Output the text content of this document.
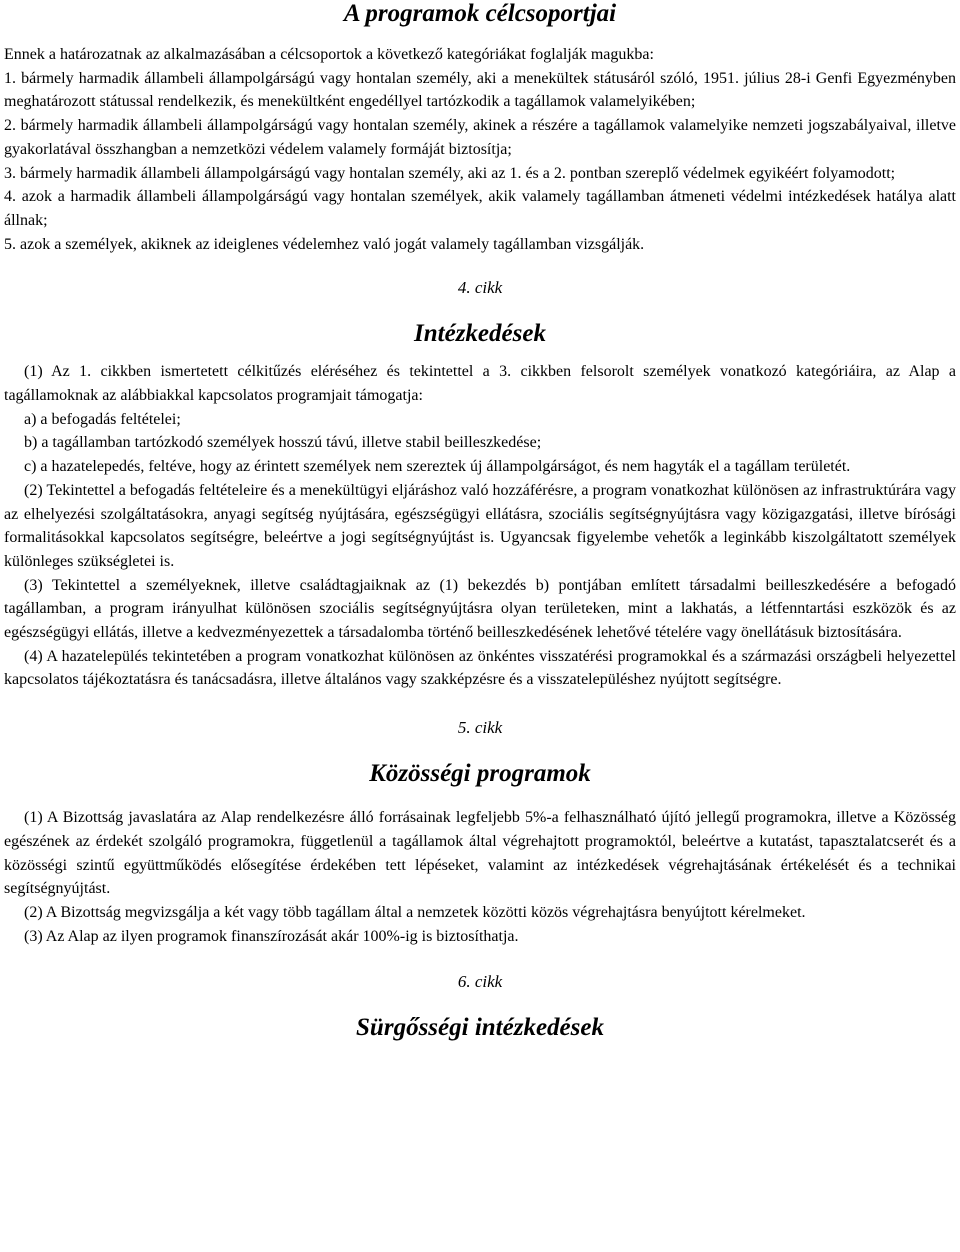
A programok célcsoportjai

Ennek a határozatnak az alkalmazásában a célcsoportok a következő kategóriákat foglalják magukba:

1. bármely harmadik állambeli állampolgárságú vagy hontalan személy, aki a menekültek státusáról szóló, 1951. július 28-i Genfi Egyezményben meghatározott státussal rendelkezik, és menekültként engedéllyel tartózkodik a tagállamok valamelyikében;

2. bármely harmadik állambeli állampolgárságú vagy hontalan személy, akinek a részére a tagállamok valamelyike nemzeti jogszabályaival, illetve gyakorlatával összhangban a nemzetközi védelem valamely formáját biztosítja;

3. bármely harmadik állambeli állampolgárságú vagy hontalan személy, aki az 1. és a 2. pontban szereplő védelmek egyikéért folyamodott;

4. azok a harmadik állambeli állampolgárságú vagy hontalan személyek, akik valamely tagállamban átmeneti védelmi intézkedések hatálya alatt állnak;

5. azok a személyek, akiknek az ideiglenes védelemhez való jogát valamely tagállamban vizsgálják.

4. cikk
Intézkedések

(1) Az 1. cikkben ismertetett célkitűzés eléréséhez és tekintettel a 3. cikkben felsorolt személyek vonatkozó kategóriáira, az Alap a tagállamoknak az alábbiakkal kapcsolatos programjait támogatja:

a) a befogadás feltételei;

b) a tagállamban tartózkodó személyek hosszú távú, illetve stabil beilleszkedése;

c) a hazatelepedés, feltéve, hogy az érintett személyek nem szereztek új állampolgárságot, és nem hagyták el a tagállam területét.

(2) Tekintettel a befogadás feltételeire és a menekültügyi eljáráshoz való hozzáférésre, a program vonatkozhat különösen az infrastruktúrára vagy az elhelyezési szolgáltatásokra, anyagi segítség nyújtására, egészségügyi ellátásra, szociális segítségnyújtásra vagy közigazgatási, illetve bírósági formalitásokkal kapcsolatos segítségre, beleértve a jogi segítségnyújtást is. Ugyancsak figyelembe vehetők a leginkább kiszolgáltatott személyek különleges szükségletei is.

(3) Tekintettel a személyeknek, illetve családtagjaiknak az (1) bekezdés b) pontjában említett társadalmi beilleszkedésére a befogadó tagállamban, a program irányulhat különösen szociális segítségnyújtásra olyan területeken, mint a lakhatás, a létfenntartási eszközök és az egészségügyi ellátás, illetve a kedvezményezettek a társadalomba történő beilleszkedésének lehetővé tételére vagy önellátásuk biztosítására.

(4) A hazatelepülés tekintetében a program vonatkozhat különösen az önkéntes visszatérési programokkal és a származási országbeli helyezettel kapcsolatos tájékoztatásra és tanácsadásra, illetve általános vagy szakképzésre és a visszatelepüléshez nyújtott segítségre.

5. cikk
Közösségi programok

(1) A Bizottság javaslatára az Alap rendelkezésre álló forrásainak legfeljebb 5%-a felhasználható újító jellegű programokra, illetve a Közösség egészének az érdekét szolgáló programokra, függetlenül a tagállamok által végrehajtott programoktól, beleértve a kutatást, tapasztalatcserét és a közösségi szintű együttműködés elősegítése érdekében tett lépéseket, valamint az intézkedések végrehajtásának értékelését és a technikai segítségnyújtást.

(2) A Bizottság megvizsgálja a két vagy több tagállam által a nemzetek közötti közös végrehajtásra benyújtott kérelmeket.

(3) Az Alap az ilyen programok finanszírozását akár 100%-ig is biztosíthatja.

6. cikk
Sürgősségi intézkedések
